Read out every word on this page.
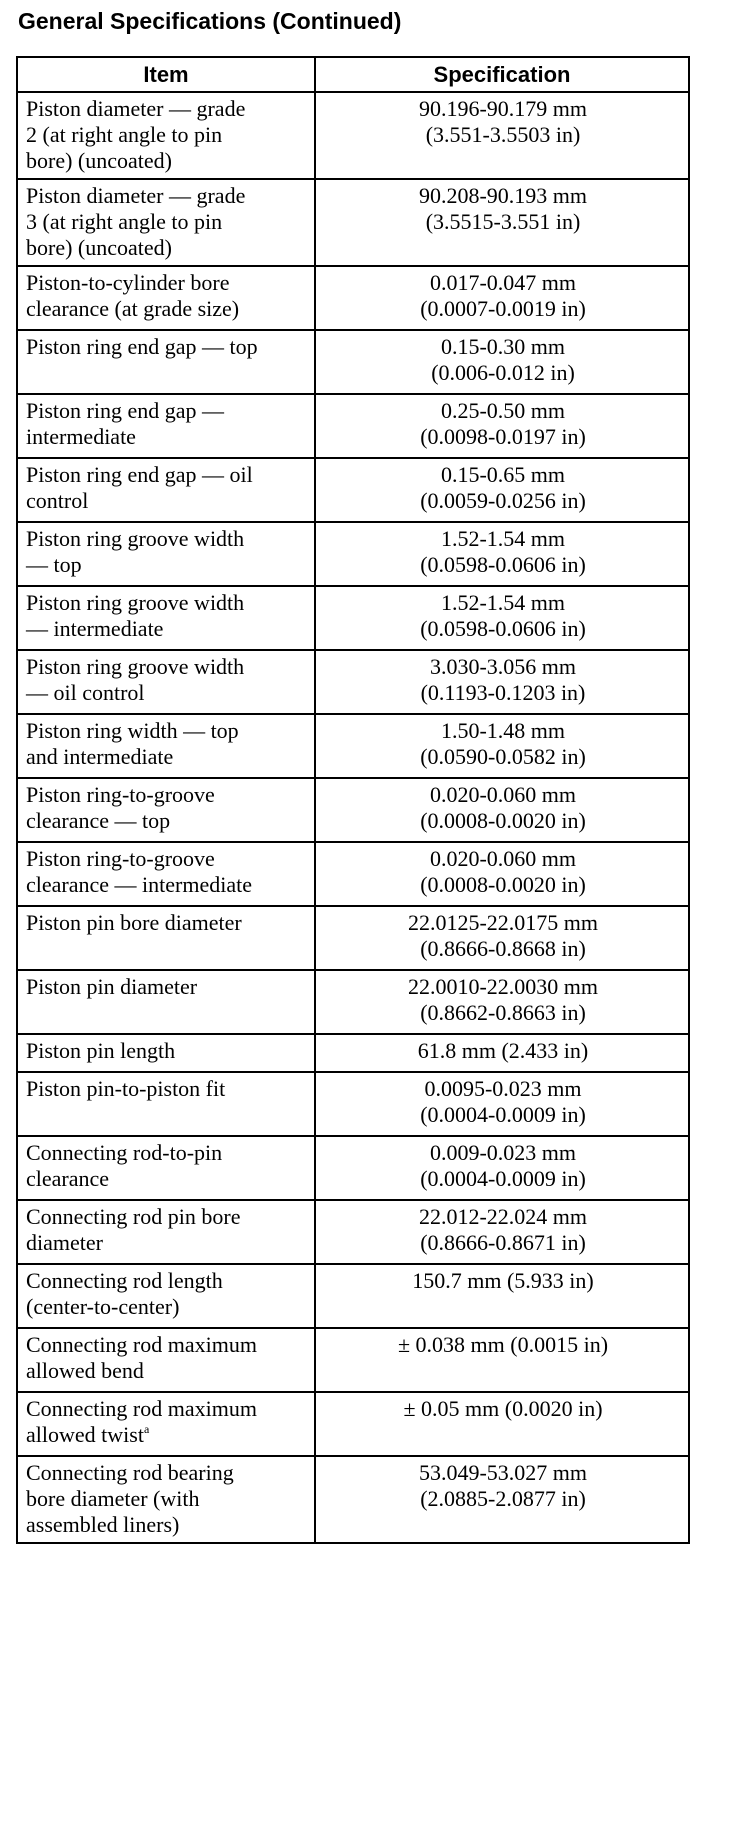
General Specifications (Continued)
Item	Specification

Piston diameter — grade
2 (at right angle to pin
bore) (uncoated)	90.196-90.179 mm
(3.551-3.5503 in)

Piston diameter — grade
3 (at right angle to pin
bore) (uncoated)	90.208-90.193 mm
(3.5515-3.551 in)

Piston-to-cylinder bore
clearance (at grade size)	0.017-0.047 mm
(0.0007-0.0019 in)

Piston ring end gap — top	0.15-0.30 mm
(0.006-0.012 in)

Piston ring end gap —
intermediate	0.25-0.50 mm
(0.0098-0.0197 in)

Piston ring end gap — oil
control	0.15-0.65 mm
(0.0059-0.0256 in)

Piston ring groove width
— top	1.52-1.54 mm
(0.0598-0.0606 in)

Piston ring groove width
— intermediate	1.52-1.54 mm
(0.0598-0.0606 in)

Piston ring groove width
— oil control	3.030-3.056 mm
(0.1193-0.1203 in)

Piston ring width — top
and intermediate	1.50-1.48 mm
(0.0590-0.0582 in)

Piston ring-to-groove
clearance — top	0.020-0.060 mm
(0.0008-0.0020 in)

Piston ring-to-groove
clearance — intermediate	0.020-0.060 mm
(0.0008-0.0020 in)

Piston pin bore diameter	22.0125-22.0175 mm
(0.8666-0.8668 in)

Piston pin diameter	22.0010-22.0030 mm
(0.8662-0.8663 in)

Piston pin length	61.8 mm (2.433 in)

Piston pin-to-piston fit	0.0095-0.023 mm
(0.0004-0.0009 in)

Connecting rod-to-pin
clearance	0.009-0.023 mm
(0.0004-0.0009 in)

Connecting rod pin bore
diameter	22.012-22.024 mm
(0.8666-0.8671 in)

Connecting rod length
(center-to-center)	150.7 mm (5.933 in)

Connecting rod maximum
allowed bend	± 0.038 mm (0.0015 in)

Connecting rod maximum
allowed twist$^a$	± 0.05 mm (0.0020 in)

Connecting rod bearing
bore diameter (with
assembled liners)	53.049-53.027 mm
(2.0885-2.0877 in)
